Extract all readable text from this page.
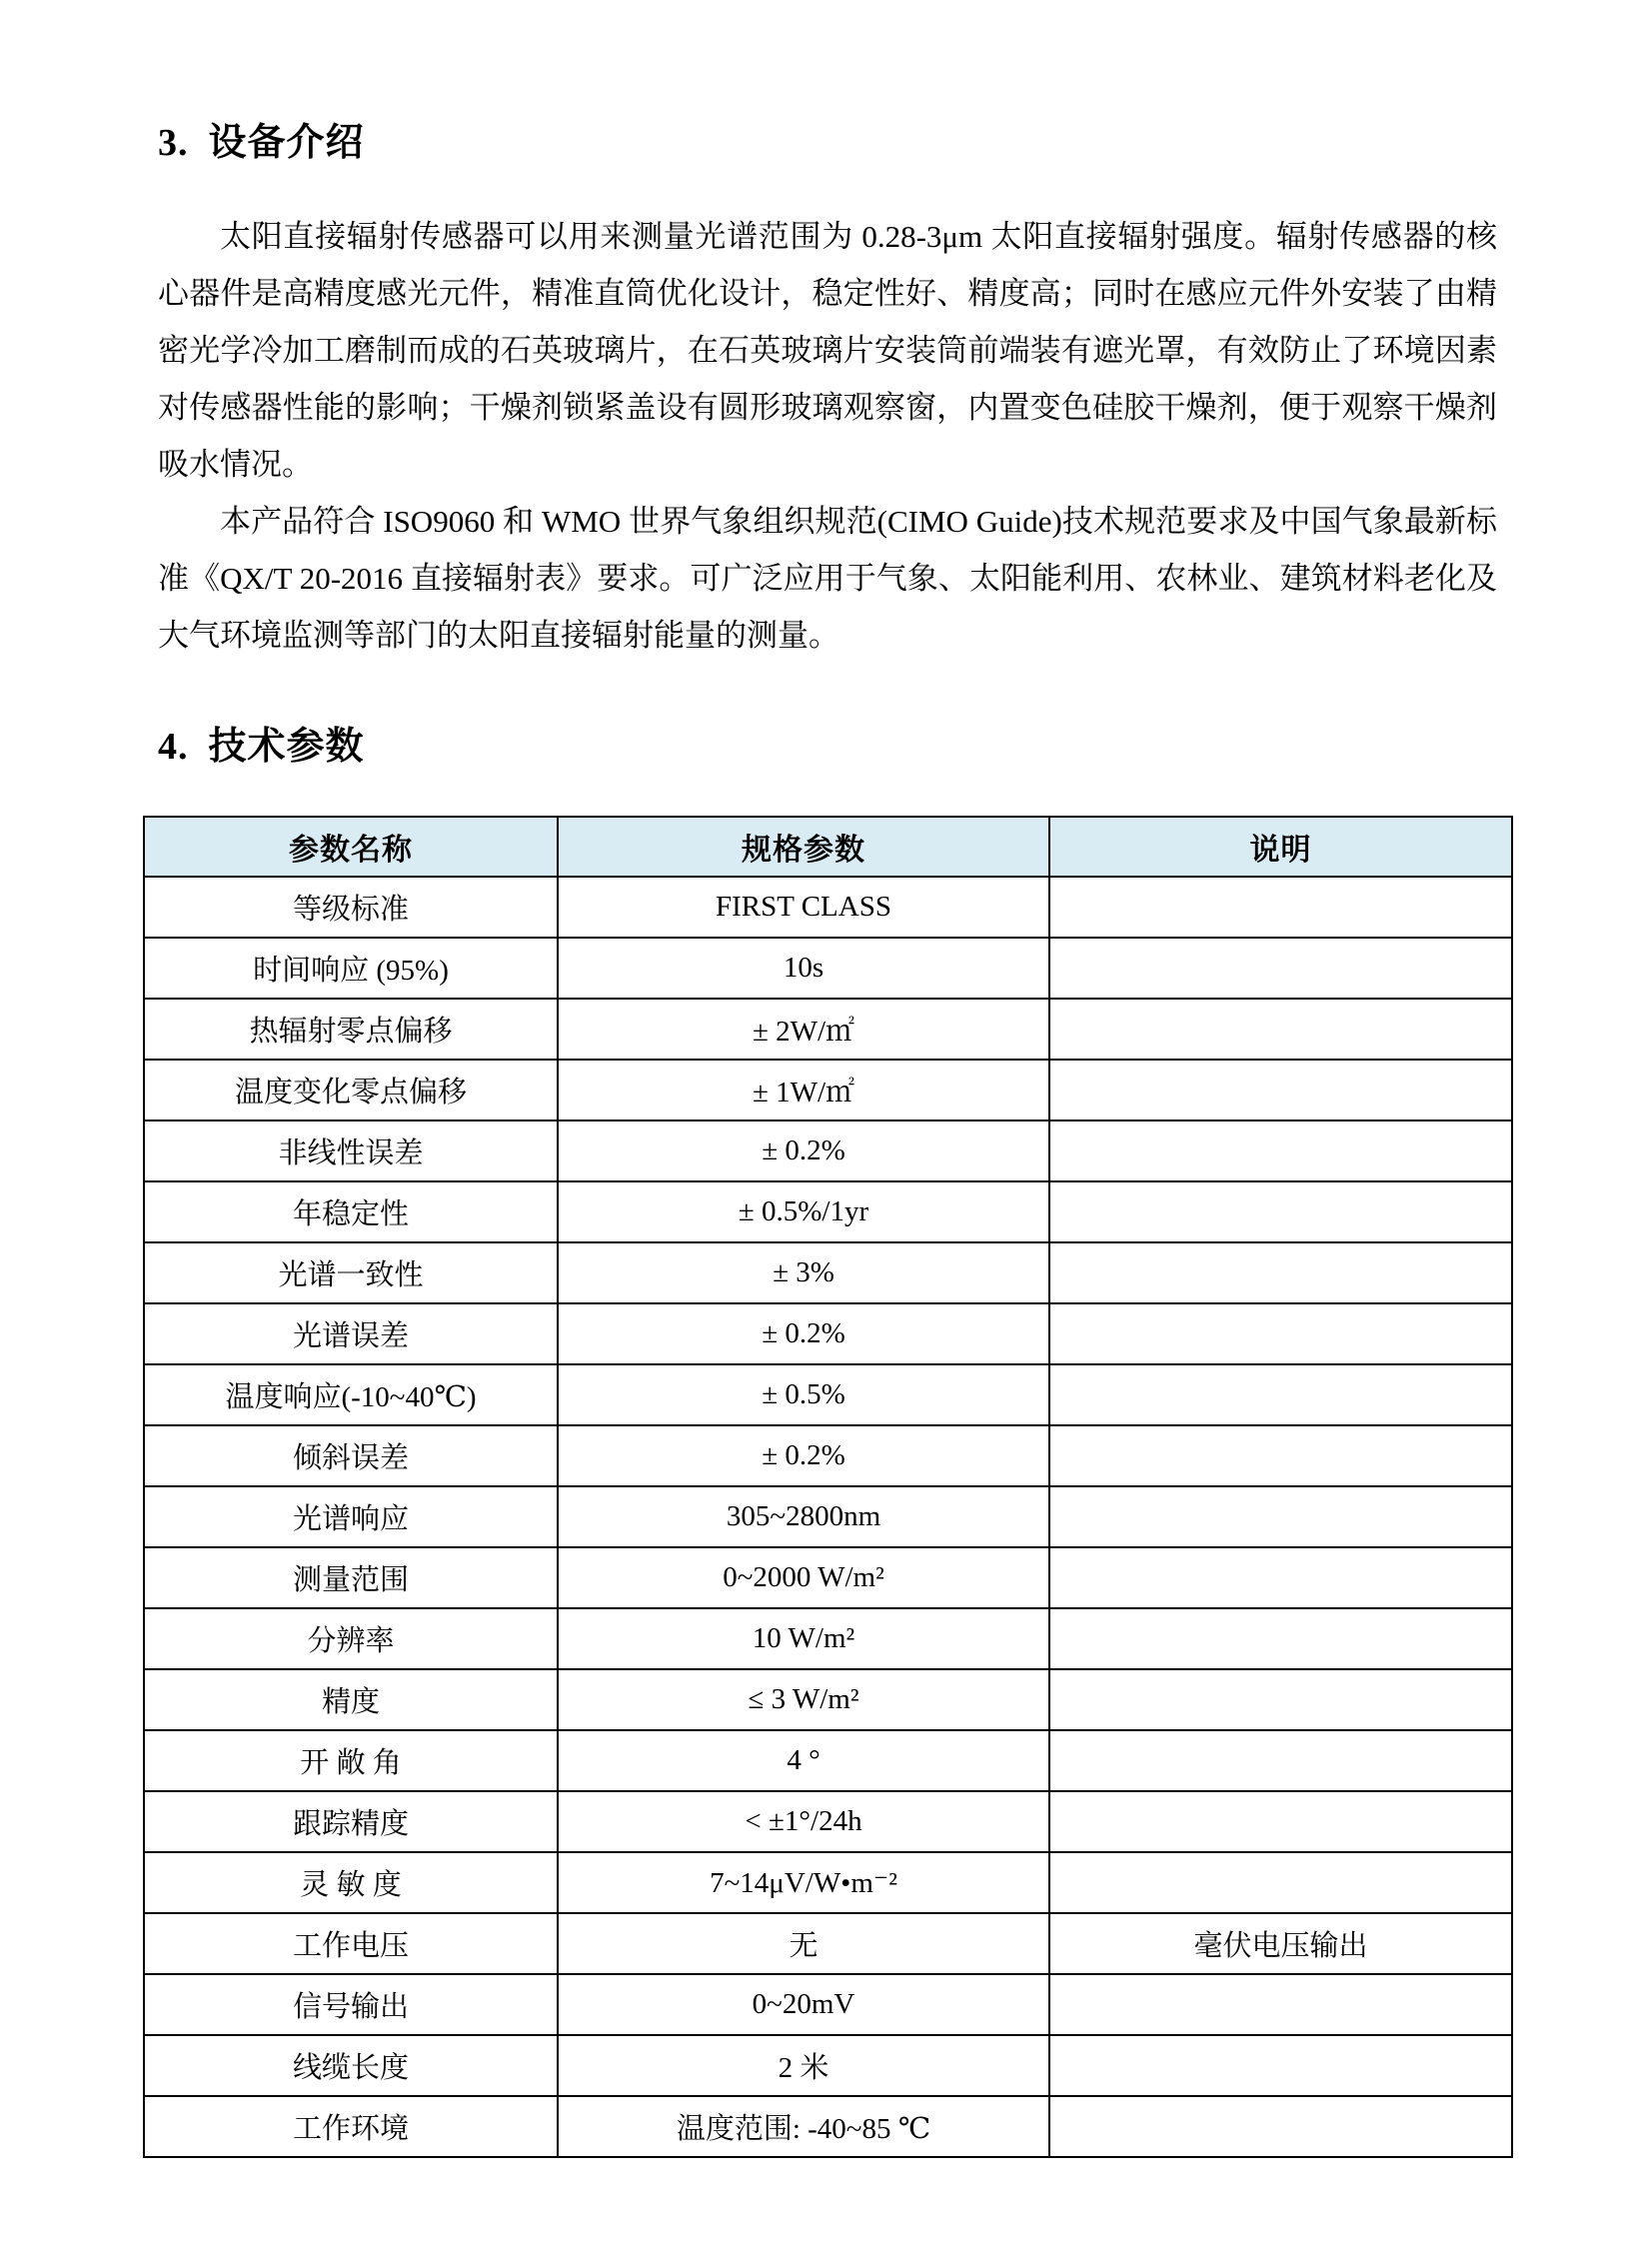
3. 设备介绍

太阳直接辐射传感器可以用来测量光谱范围为 0.28-3μm 太阳直接辐射强度。辐射传感器的核心器件是高精度感光元件，精准直筒优化设计，稳定性好、精度高；同时在感应元件外安装了由精密光学冷加工磨制而成的石英玻璃片，在石英玻璃片安装筒前端装有遮光罩，有效防止了环境因素对传感器性能的影响；干燥剂锁紧盖设有圆形玻璃观察窗，内置变色硅胶干燥剂，便于观察干燥剂吸水情况。

本产品符合 ISO9060 和 WMO 世界气象组织规范(CIMO Guide)技术规范要求及中国气象最新标准《QX/T 20-2016 直接辐射表》要求。可广泛应用于气象、太阳能利用、农林业、建筑材料老化及大气环境监测等部门的太阳直接辐射能量的测量。

4. 技术参数
参数名称	规格参数	说明
等级标准	FIRST CLASS	
时间响应 (95%)	10s	
热辐射零点偏移	± 2W/㎡	
温度变化零点偏移	± 1W/㎡	
非线性误差	± 0.2%	
年稳定性	± 0.5%/1yr	
光谱一致性	± 3%	
光谱误差	± 0.2%	
温度响应(-10~40℃)	± 0.5%	
倾斜误差	± 0.2%	
光谱响应	305~2800nm	
测量范围	0~2000 W/m²	
分辨率	10 W/m²	
精度	≤ 3 W/m²	
开 敞 角	4 °	
跟踪精度	< ±1°/24h	
灵 敏 度	7~14μV/W•m⁻²	
工作电压	无	毫伏电压输出
信号输出	0~20mV	
线缆长度	2 米	
工作环境	温度范围: -40~85 ℃	
